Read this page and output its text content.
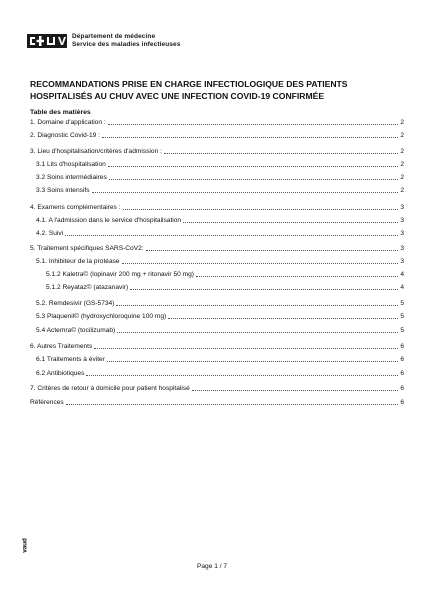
Département de médecine
Service des maladies infectieuses
RECOMMANDATIONS PRISE EN CHARGE INFECTIOLOGIQUE DES PATIENTS HOSPITALISÉS AU CHUV AVEC UNE INFECTION COVID-19 CONFIRMÉE
Table des matières
1. Domaine d'application :	2
2. Diagnostic Covid-19 :	2
3. Lieu d'hospitalisation/critères d'admission :	2
3.1 Lits d'hospitalisation	2
3.2 Soins intermédiaires	2
3.3 Soins intensifs	2
4. Examens complémentaires :	3
4.1. A l'admission dans le service d'hospitalisation	3
4.2. Suivi	3
5. Traitement spécifiques SARS-CoV2:	3
5.1. Inhibiteur de la protéase	3
5.1.2 Kaletra© (lopinavir 200 mg + ritonavir 50 mg)	4
5.1.2 Reyataz© (atazanavir)	4
5.2. Remdesivir (GS-5734)	5
5.3 Plaquenil© (hydroxychloroquine 100 mg)	5
5.4 Actemra© (tocilizumab)	5
6. Autres Traitements	6
6.1 Traitements à éviter	6
6.2 Antibiotiques	6
7. Critères de retour à domicile pour patient hospitalisé	6
Références	6
vaud
Page 1 / 7
